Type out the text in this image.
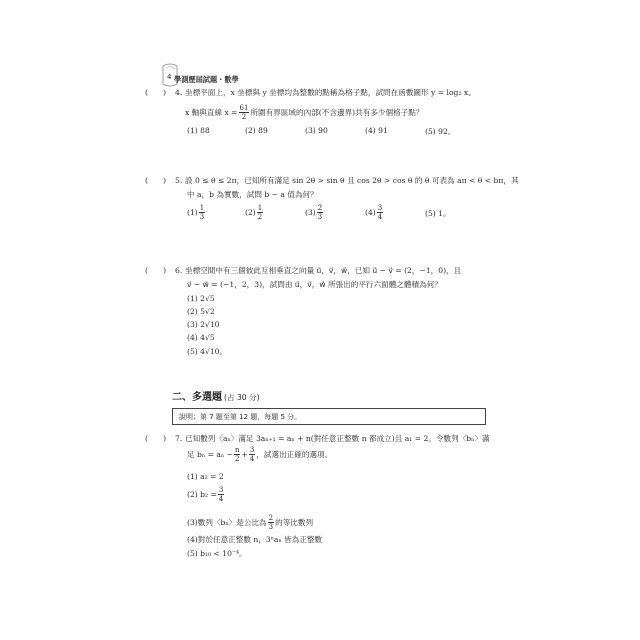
4 學測歷屆試題・數學
(　　) 4. 坐標平面上，x 坐標與 y 坐標均為整數的點稱為格子點，試問在函數圖形 y = log₂ x、
x 軸與直線 $x = \frac{61}{2}$ 所圍有界區域的內部(不含邊界)共有多少個格子點？
(1) 88	(2) 89	(3) 90	(4) 91	(5) 92。
(　　) 5. 設 0 ≤ θ ≤ 2π，已知所有滿足 sin 2θ > sin θ 且 cos 2θ > cos θ 的 θ 可表為 aπ < θ < bπ，其
中 a，b 為實數，試問 b − a 值為何？
$(1) \frac{1}{3}$	$(2) \frac{1}{2}$	$(3) \frac{2}{3}$	$(4) \frac{3}{4}$	(5) 1。
(　　) 6. 坐標空間中有三個彼此互相垂直之向量 u⃗，v⃗，w⃗，已知 u⃗ − v⃗ = (2，−1，0)，且
v⃗ − w⃗ = (−1，2，3)，試問由 u⃗，v⃗，w⃗ 所張出的平行六面體之體積為何？
(1) 2√5
(2) 5√2
(3) 2√10
(4) 4√5
(5) 4√10。
二、多選題 (占 30 分)
說明：第 7 題至第 12 題，每題 5 分。
(　　) 7. 已知數列〈aₙ〉滿足 3aₙ₊₁ = aₙ + n(對任意正整數 n 都成立)且 a₁ = 2。令數列〈bₙ〉滿
足 $b_n = a_n - \frac{n}{2} + \frac{3}{4}$ ，試選出正確的選項。
(1) a₂ = 2
(2) $b_2 = \frac{3}{4}$
(3)數列〈bₙ〉是公比為 $\frac{2}{3}$ 的等比數列
(4)對於任意正整數 n，3ⁿaₙ 皆為正整數
(5) b₁₀ < 10⁻⁴。
